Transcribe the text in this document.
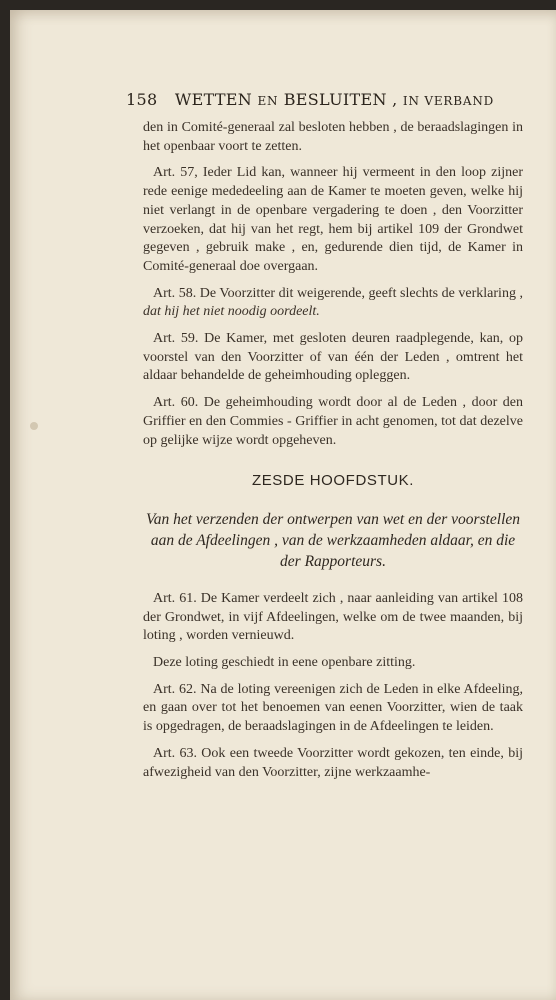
158 WETTEN EN BESLUITEN , IN VERBAND

den in Comité-generaal zal besloten hebben , de beraadslagingen in het openbaar voort te zetten.

Art. 57, Ieder Lid kan, wanneer hij vermeent in den loop zijner rede eenige mededeeling aan de Kamer te moeten geven, welke hij niet verlangt in de openbare vergadering te doen , den Voorzitter verzoeken, dat hij van het regt, hem bij artikel 109 der Grondwet gegeven , gebruik make , en, gedurende dien tijd, de Kamer in Comité-generaal doe overgaan.

Art. 58. De Voorzitter dit weigerende, geeft slechts de verklaring , dat hij het niet noodig oordeelt.

Art. 59. De Kamer, met gesloten deuren raadplegende, kan, op voorstel van den Voorzitter of van één der Leden , omtrent het aldaar behandelde de geheimhouding opleggen.

Art. 60. De geheimhouding wordt door al de Leden , door den Griffier en den Commies - Griffier in acht genomen, tot dat dezelve op gelijke wijze wordt opgeheven.

ZESDE HOOFDSTUK.
Van het verzenden der ontwerpen van wet en der voorstellen aan de Afdeelingen , van de werkzaamheden aldaar, en die der Rapporteurs.

Art. 61. De Kamer verdeelt zich , naar aanleiding van artikel 108 der Grondwet, in vijf Afdeelingen, welke om de twee maanden, bij loting , worden vernieuwd.

Deze loting geschiedt in eene openbare zitting.

Art. 62. Na de loting vereenigen zich de Leden in elke Afdeeling, en gaan over tot het benoemen van eenen Voorzitter, wien de taak is opgedragen, de beraadslagingen in de Afdeelingen te leiden.

Art. 63. Ook een tweede Voorzitter wordt gekozen, ten einde, bij afwezigheid van den Voorzitter, zijne werkzaamhe-
